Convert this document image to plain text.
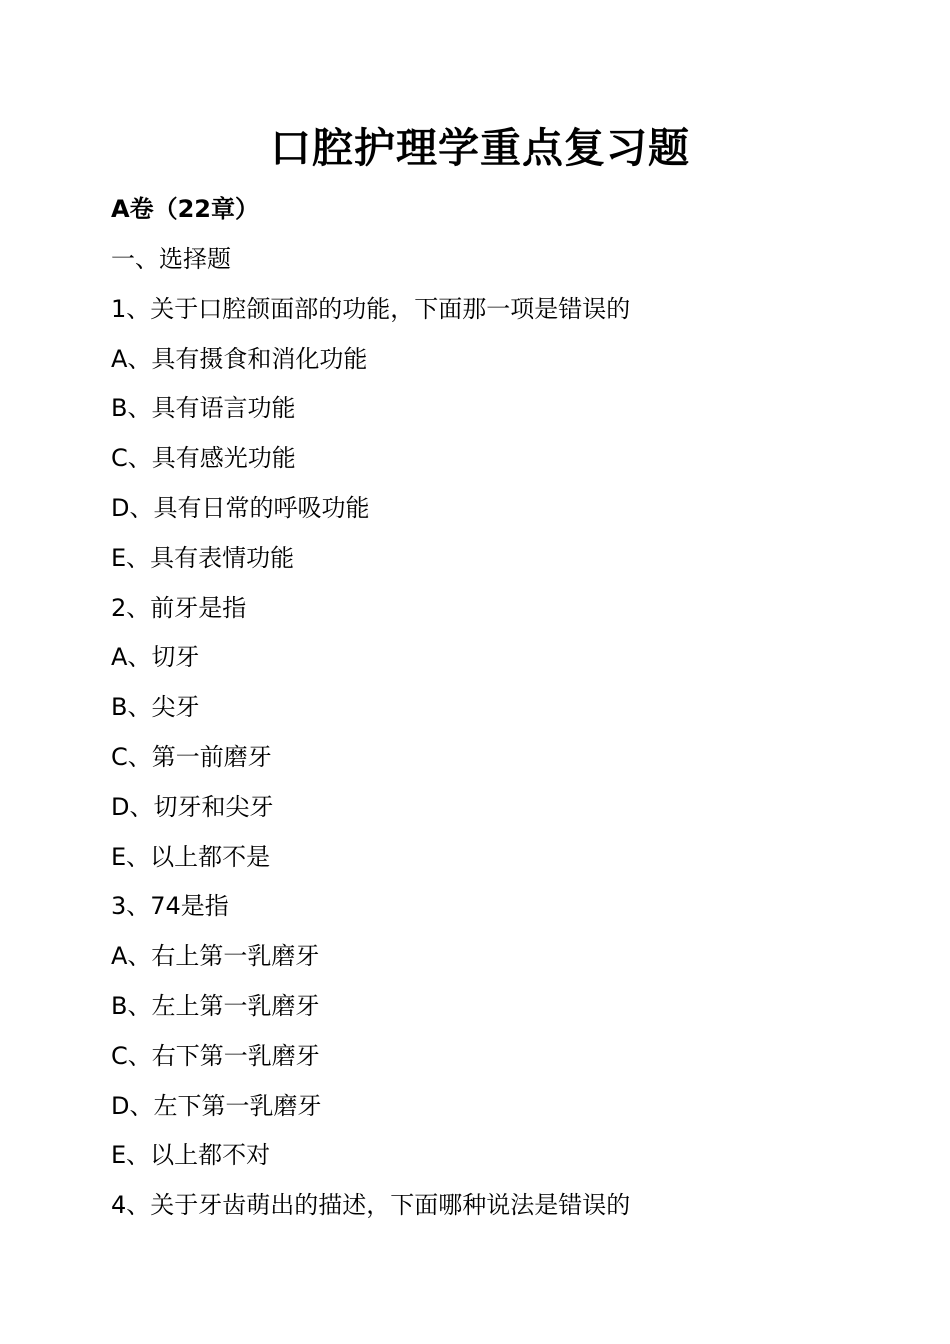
口腔护理学重点复习题
A卷（22章）
一、选择题
1、关于口腔颌面部的功能，下面那一项是错误的
A、具有摄食和消化功能
B、具有语言功能
C、具有感光功能
D、具有日常的呼吸功能
E、具有表情功能
2、前牙是指
A、切牙
B、尖牙
C、第一前磨牙
D、切牙和尖牙
E、以上都不是
3、74是指
A、右上第一乳磨牙
B、左上第一乳磨牙
C、右下第一乳磨牙
D、左下第一乳磨牙
E、以上都不对
4、关于牙齿萌出的描述，下面哪种说法是错误的
